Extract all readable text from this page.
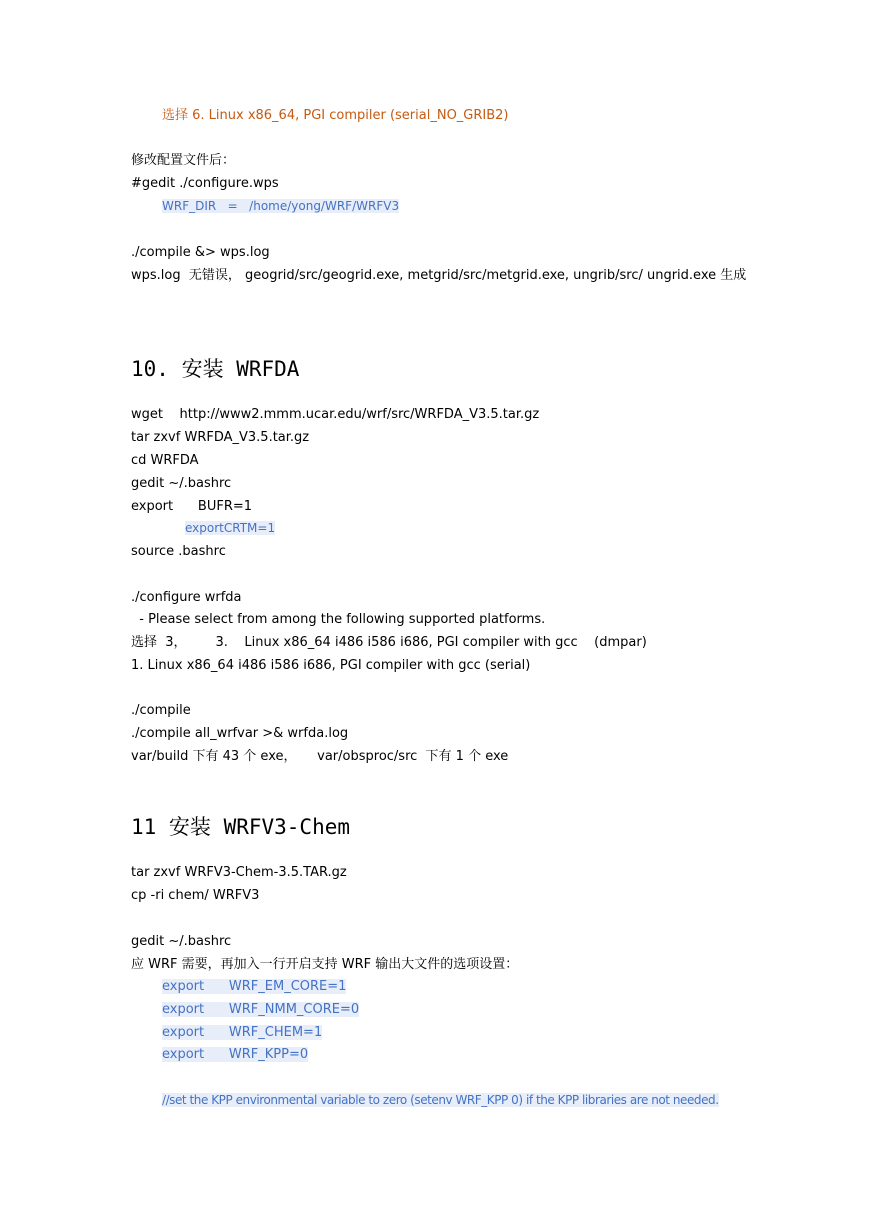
选择 6. Linux x86_64, PGI compiler (serial_NO_GRIB2)
修改配置文件后：
#gedit ./configure.wps
WRF_DIR   =   /home/yong/WRF/WRFV3
./compile &> wps.log
wps.log  无错误， geogrid/src/geogrid.exe, metgrid/src/metgrid.exe, ungrib/src/ ungrid.exe 生成
10. 安装 WRFDA
wget    http://www2.mmm.ucar.edu/wrf/src/WRFDA_V3.5.tar.gz
tar zxvf WRFDA_V3.5.tar.gz
cd WRFDA
gedit ~/.bashrc
export      BUFR=1
exportCRTM=1
source .bashrc
./configure wrfda
- Please select from among the following supported platforms.
选择  3，       3.    Linux x86_64 i486 i586 i686, PGI compiler with gcc    (dmpar)
1. Linux x86_64 i486 i586 i686, PGI compiler with gcc (serial)
./compile
./compile all_wrfvar >& wrfda.log
var/build 下有 43 个 exe，     var/obsproc/src  下有 1 个 exe
11 安装 WRFV3-Chem
tar zxvf WRFV3-Chem-3.5.TAR.gz
cp -ri chem/ WRFV3
gedit ~/.bashrc
应 WRF 需要，再加入一行开启支持 WRF 输出大文件的选项设置：
export      WRF_EM_CORE=1
export      WRF_NMM_CORE=0
export      WRF_CHEM=1
export      WRF_KPP=0
//set the KPP environmental variable to zero (setenv WRF_KPP 0) if the KPP libraries are not needed.
